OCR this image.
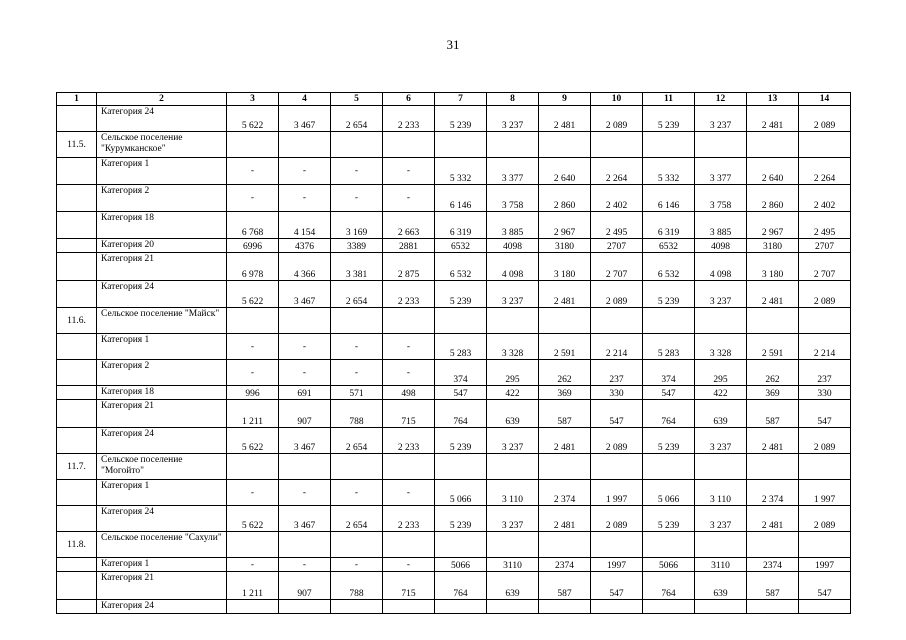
31
1	2	3	4	5	6	7	8	9	10	11	12	13	14
	Категория 24	5 622	3 467	2 654	2 233	5 239	3 237	2 481	2 089	5 239	3 237	2 481	2 089
11.5.	Сельское поселение "Курумканское"												
	Категория 1	-	-	-	-	5 332	3 377	2 640	2 264	5 332	3 377	2 640	2 264
	Категория 2	-	-	-	-	6 146	3 758	2 860	2 402	6 146	3 758	2 860	2 402
	Категория 18	6 768	4 154	3 169	2 663	6 319	3 885	2 967	2 495	6 319	3 885	2 967	2 495
	Категория 20	6996	4376	3389	2881	6532	4098	3180	2707	6532	4098	3180	2707
	Категория 21	6 978	4 366	3 381	2 875	6 532	4 098	3 180	2 707	6 532	4 098	3 180	2 707
	Категория 24	5 622	3 467	2 654	2 233	5 239	3 237	2 481	2 089	5 239	3 237	2 481	2 089
11.6.	Сельское поселение "Майск"												
	Категория 1	-	-	-	-	5 283	3 328	2 591	2 214	5 283	3 328	2 591	2 214
	Категория 2	-	-	-	-	374	295	262	237	374	295	262	237
	Категория 18	996	691	571	498	547	422	369	330	547	422	369	330
	Категория 21	1 211	907	788	715	764	639	587	547	764	639	587	547
	Категория 24	5 622	3 467	2 654	2 233	5 239	3 237	2 481	2 089	5 239	3 237	2 481	2 089
11.7.	Сельское поселение "Могойто"												
	Категория 1	-	-	-	-	5 066	3 110	2 374	1 997	5 066	3 110	2 374	1 997
	Категория 24	5 622	3 467	2 654	2 233	5 239	3 237	2 481	2 089	5 239	3 237	2 481	2 089
11.8.	Сельское поселение "Сахули"												
	Категория 1	-	-	-	-	5066	3110	2374	1997	5066	3110	2374	1997
	Категория 21	1 211	907	788	715	764	639	587	547	764	639	587	547
	Категория 24												
